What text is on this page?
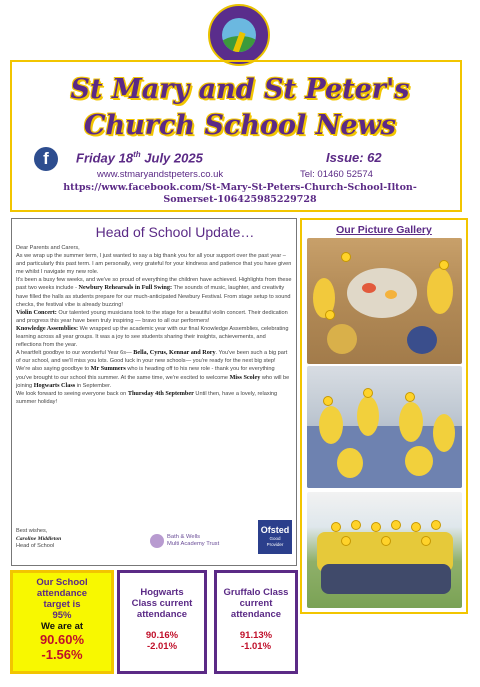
St Mary and St Peter's
Church School News
f	Friday 18th July 2025	Issue: 62
www.stmaryandstpeters.co.uk	Tel: 01460 52574
https://www.facebook.com/St-Mary-St-Peters-Church-School-Ilton-Somerset-106425985229728
Head of School Update…

Dear Parents and Carers,

As we wrap up the summer term, I just wanted to say a big thank you for all your support over the past year – and particularly this past term. I am personally, very grateful for your kindness and patience that you have given me whilst I navigate my new role.

It's been a busy few weeks, and we've so proud of everything the children have achieved. Highlights from these past two weeks include - Newbury Rehearsals in Full Swing: The sounds of music, laughter, and creativity have filled the halls as students prepare for our much-anticipated Newbury Festival. From stage setup to sound checks, the festival vibe is already buzzing!

Violin Concert: Our talented young musicians took to the stage for a beautiful violin concert. Their dedication and progress this year have been truly inspiring — bravo to all our performers!

Knowledge Assemblies: We wrapped up the academic year with our final Knowledge Assemblies, celebrating learning across all year groups. It was a joy to see students sharing their insights, achievements, and reflections from the year.

A heartfelt goodbye to our wonderful Year 6s— Bella, Cyrus, Kennar and Rory. You've been such a big part of our school, and we'll miss you lots. Good luck in your new schools— you're ready for the next big step!

We're also saying goodbye to Mr Summers who is heading off to his new role - thank you for everything you've brought to our school this summer. At the same time, we're excited to welcome Miss Scoley who will be joining Hogwarts Class in September.

We look forward to seeing everyone back on Thursday 4th September Until then, have a lovely, relaxing summer holiday!

Best wishes,
Caroline Middleton
Head of School
Bath & Wells
Multi Academy Trust
Ofsted
Good
Provider
Our Picture Gallery
Our School
attendance
target is
95%
We are at
90.60%
-1.56%
Hogwarts
Class current
attendance
90.16%
-2.01%
Gruffalo Class
current
attendance
91.13%
-1.01%
